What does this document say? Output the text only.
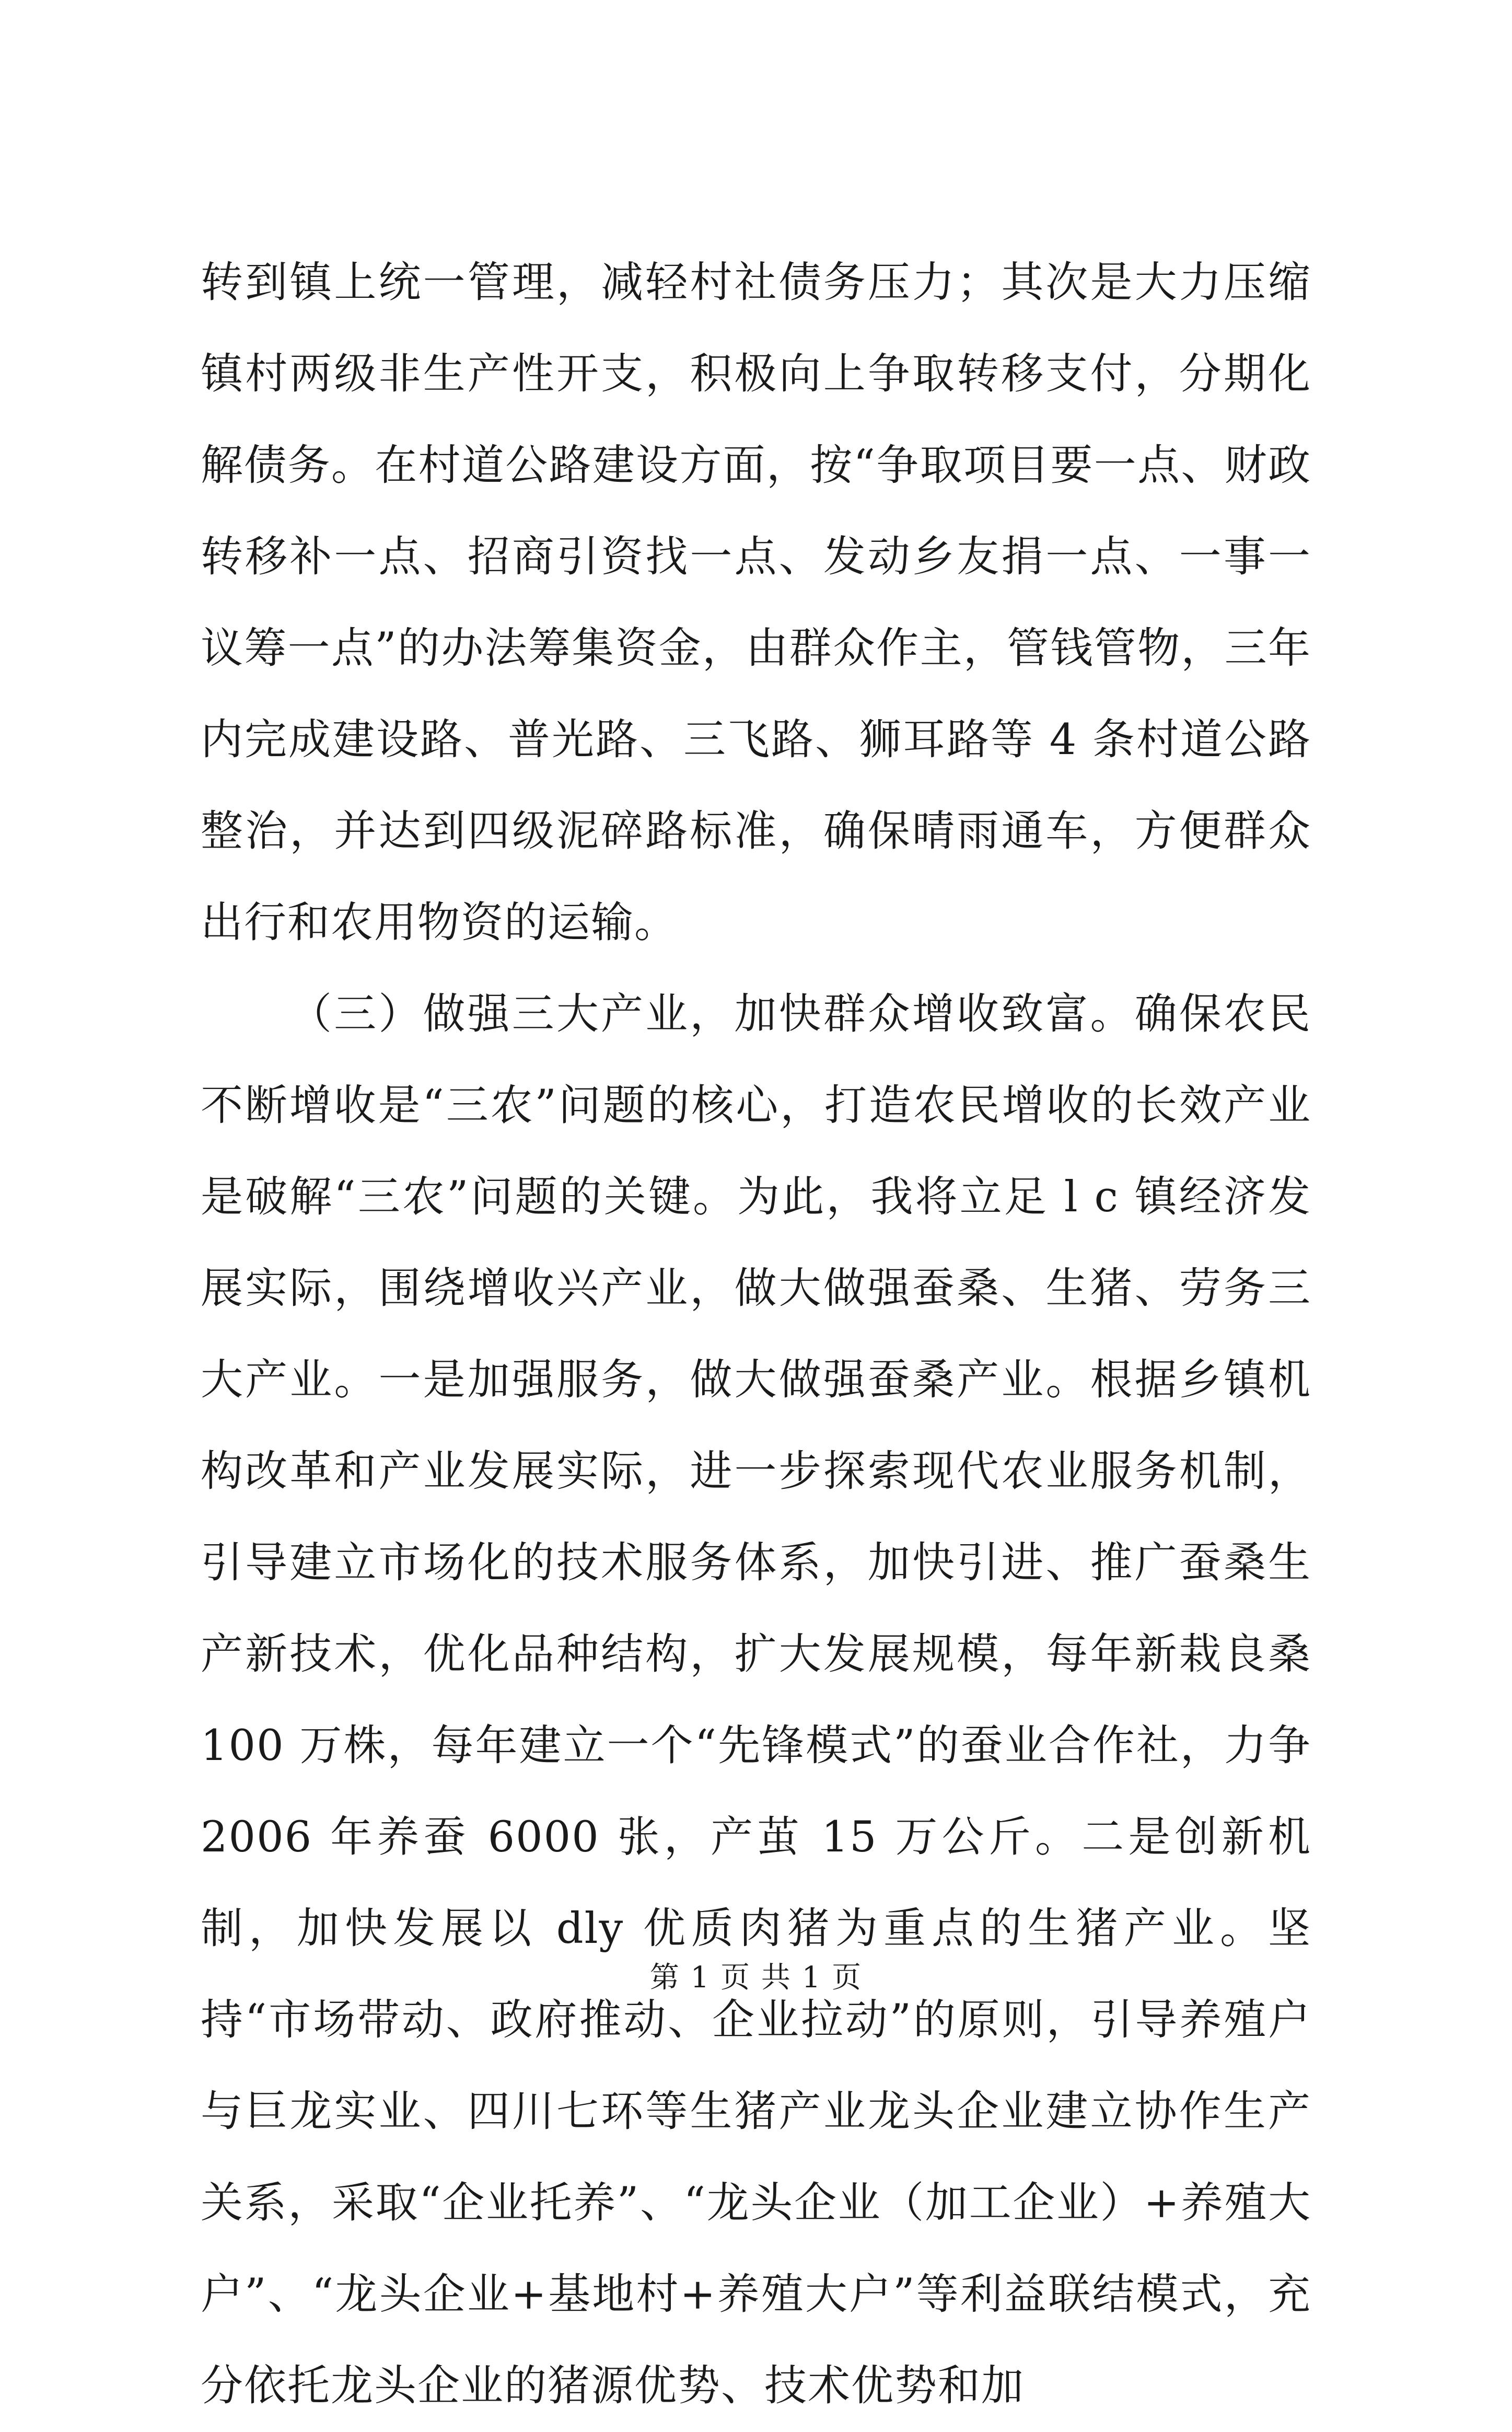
转到镇上统一管理，减轻村社债务压力；其次是大力压缩镇村两级非生产性开支，积极向上争取转移支付，分期化解债务。在村道公路建设方面，按“争取项目要一点、财政转移补一点、招商引资找一点、发动乡友捐一点、一事一议筹一点”的办法筹集资金，由群众作主，管钱管物，三年内完成建设路、普光路、三飞路、狮耳路等 4 条村道公路整治，并达到四级泥碎路标准，确保晴雨通车，方便群众出行和农用物资的运输。

（三）做强三大产业，加快群众增收致富。确保农民不断增收是“三农”问题的核心，打造农民增收的长效产业是破解“三农”问题的关键。为此，我将立足 l c 镇经济发展实际，围绕增收兴产业，做大做强蚕桑、生猪、劳务三大产业。一是加强服务，做大做强蚕桑产业。根据乡镇机构改革和产业发展实际，进一步探索现代农业服务机制，引导建立市场化的技术服务体系，加快引进、推广蚕桑生产新技术，优化品种结构，扩大发展规模，每年新栽良桑 100 万株，每年建立一个“先锋模式”的蚕业合作社，力争 2006 年养蚕 6000 张，产茧 15 万公斤。二是创新机制，加快发展以 dly 优质肉猪为重点的生猪产业。坚持“市场带动、政府推动、企业拉动”的原则，引导养殖户与巨龙实业、四川七环等生猪产业龙头企业建立协作生产关系，采取“企业托养”、“龙头企业（加工企业）+养殖大户”、“龙头企业+基地村+养殖大户”等利益联结模式，充分依托龙头企业的猪源优势、技术优势和加

第 1 页 共 1 页
